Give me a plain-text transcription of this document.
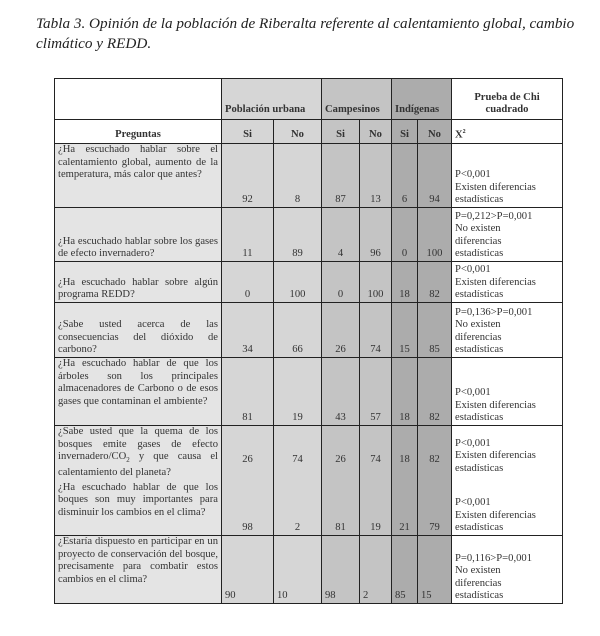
Tabla 3. Opinión de la población de Riberalta referente al calentamiento global, cambio climático y REDD.
	Población urbana		Campesinos		Indígenas		Prueba de Chi cuadrado
Preguntas	Si	No	Si	No	Si	No	$X^2$
¿Ha escuchado hablar sobre el calentamiento global, aumento de la temperatura, más calor que antes?	92	8	87	13	6	94	P<0,001
Existen diferencias
estadísticas

¿Ha escuchado hablar sobre los gases de efecto invernadero?	11	89	4	96	0	100	P=0,212>P=0,001
No existen
diferencias
estadísticas

¿Ha escuchado hablar sobre algún programa REDD?	0	100	0	100	18	82	P<0,001
Existen diferencias
estadísticas

¿Sabe usted acerca de las consecuencias del dióxido de carbono?	34	66	26	74	15	85	P=0,136>P=0,001
No existen
diferencias
estadísticas

¿Ha escuchado hablar de que los árboles son los principales almacenadores de Carbono o de esos gases que contaminan el ambiente?	81	19	43	57	18	82	P<0,001
Existen diferencias
estadísticas

¿Sabe usted que la quema de los bosques emite gases de efecto invernadero/$CO_2$ y que causa el calentamiento del planeta?	26	74	26	74	18	82	P<0,001
Existen diferencias
estadísticas

¿Ha escuchado hablar de que los boques son muy importantes para disminuir los cambios en el clima?	98	2	81	19	21	79	P<0,001
Existen diferencias
estadísticas

¿Estaría dispuesto en participar en un proyecto de conservación del bosque, precisamente para combatir estos cambios en el clima?	90	10	98	2	85	15	P=0,116>P=0,001
No existen
diferencias
estadísticas
